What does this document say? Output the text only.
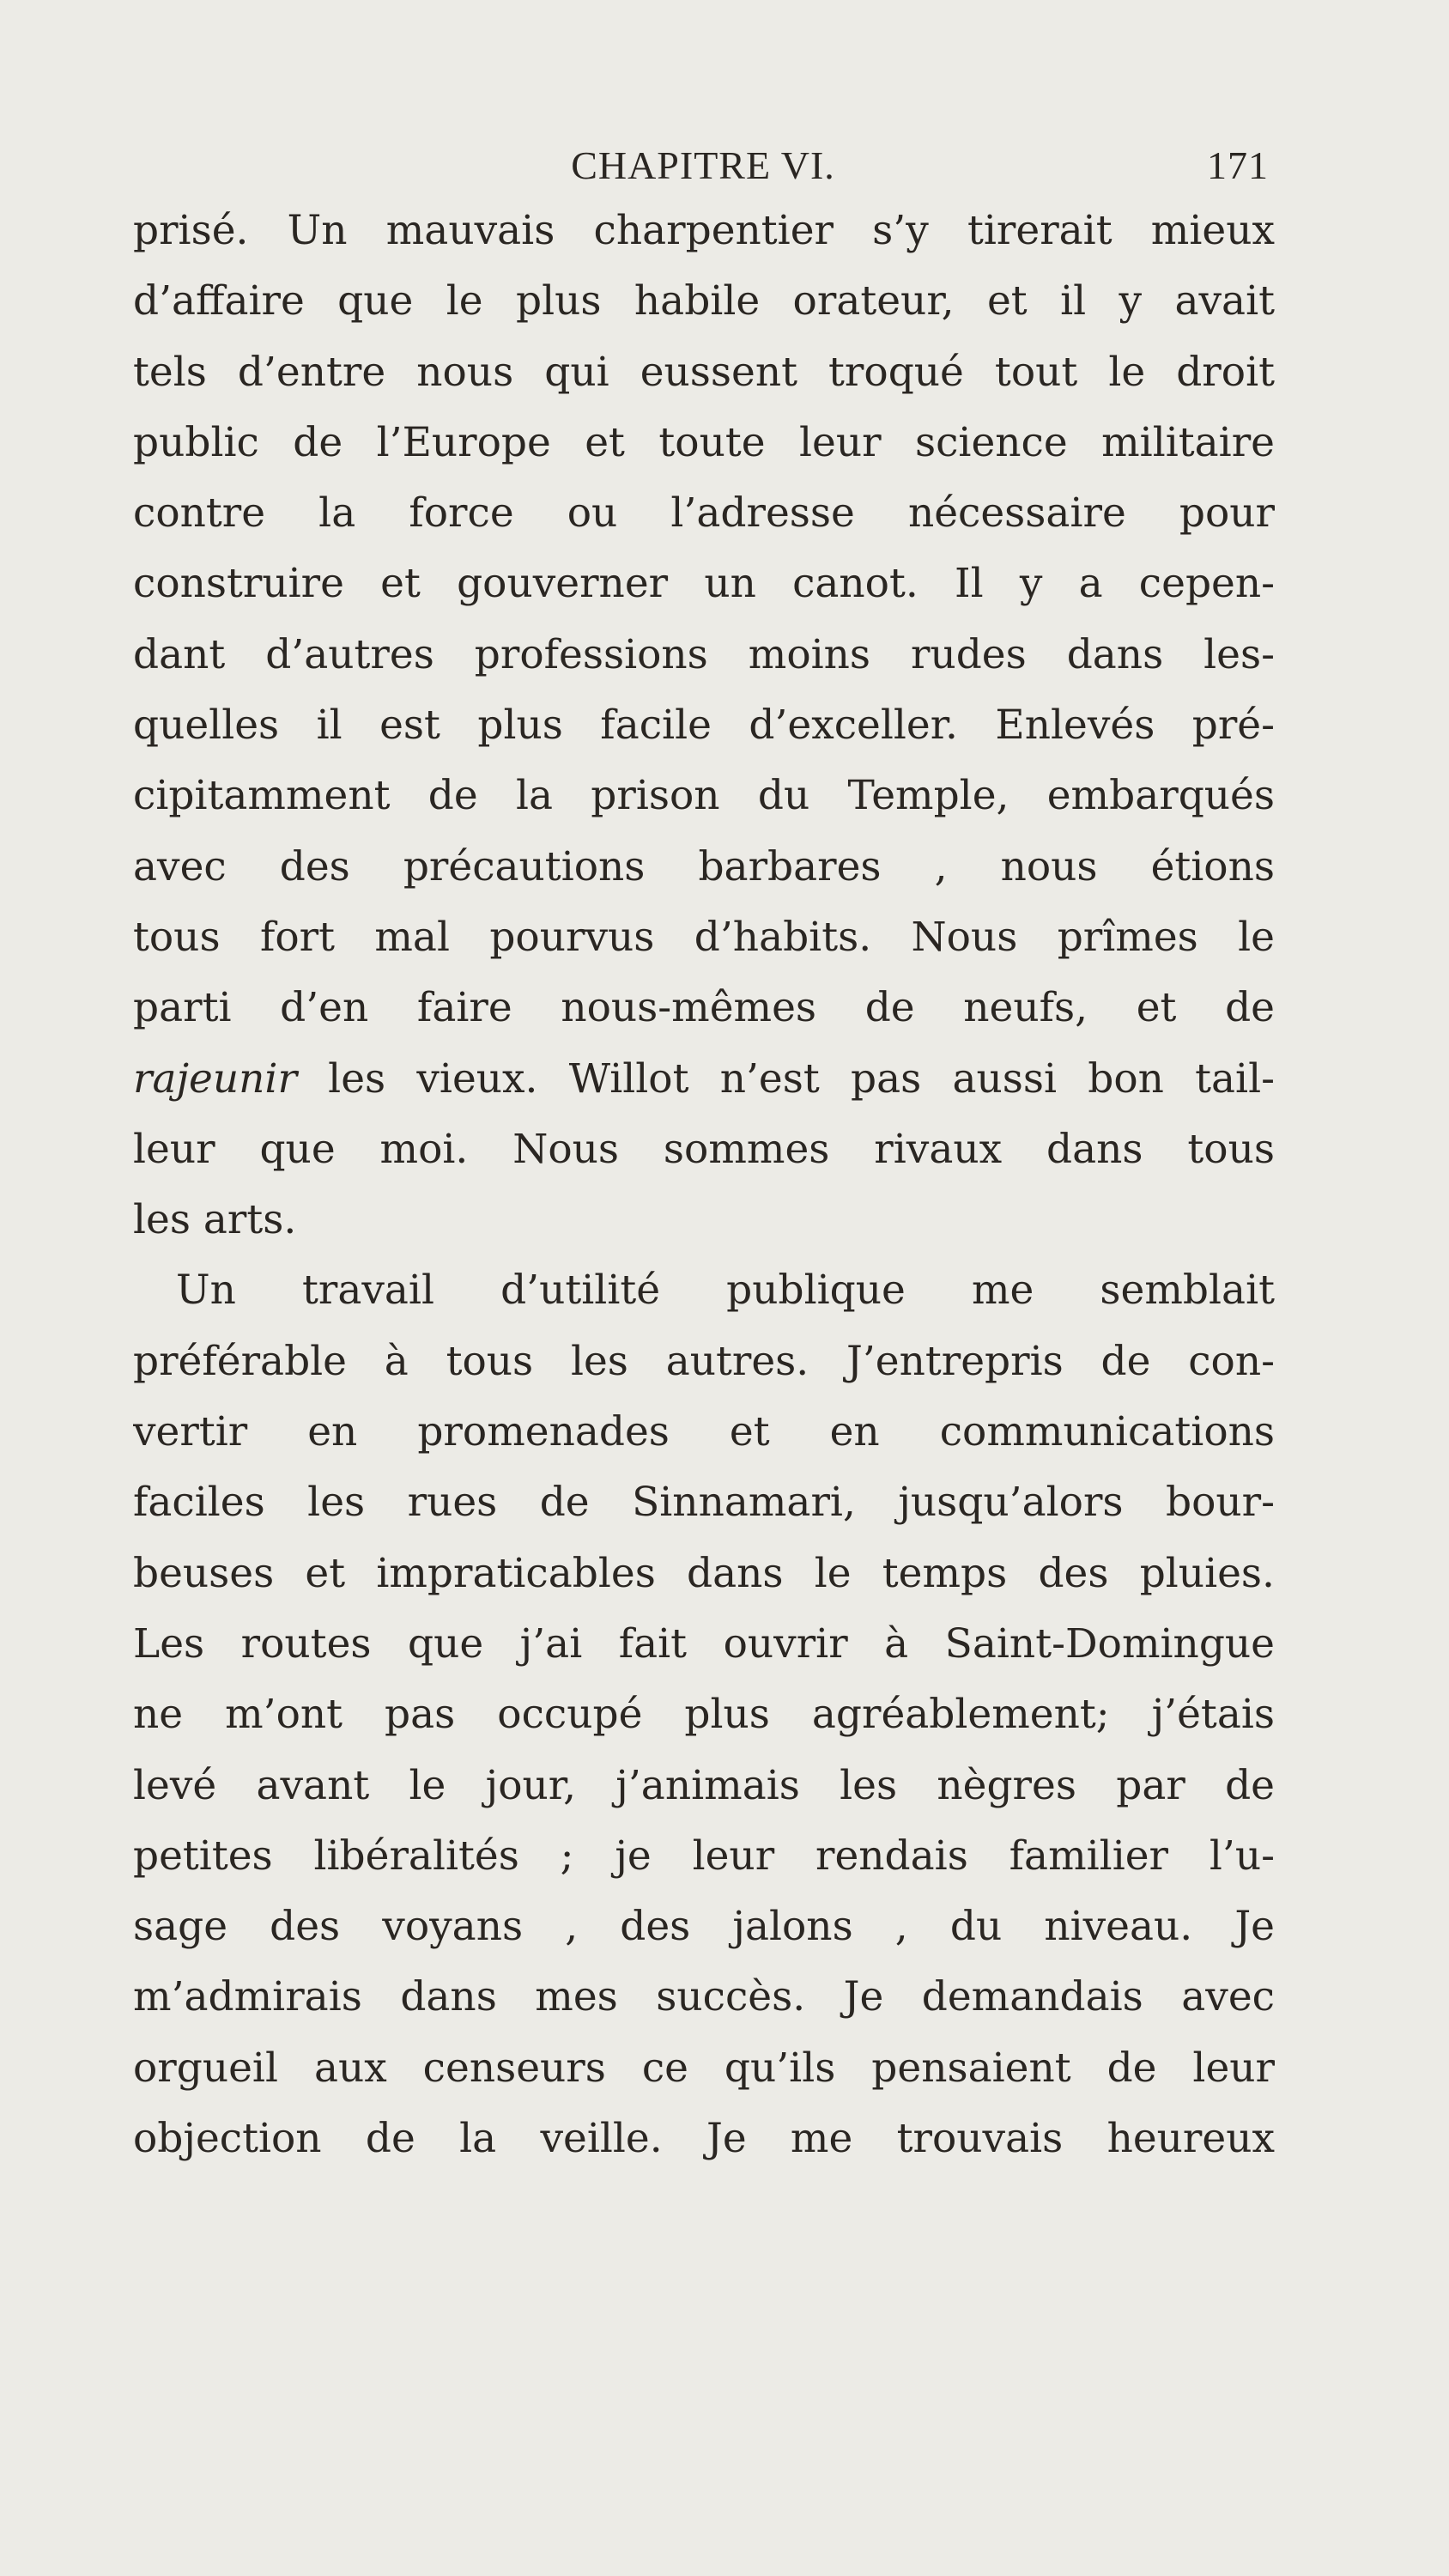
CHAPITRE VI.	171
prisé. Un mauvais charpentier s’y tirerait mieux
d’affaire que le plus habile orateur, et il y avait
tels d’entre nous qui eussent troqué tout le droit
public de l’Europe et toute leur science militaire
contre la force ou l’adresse nécessaire pour
construire et gouverner un canot. Il y a cepen-
dant d’autres professions moins rudes dans les-
quelles il est plus facile d’exceller. Enlevés pré-
cipitamment de la prison du Temple, embarqués
avec des précautions barbares , nous étions
tous fort mal pourvus d’habits. Nous prîmes le
parti d’en faire nous-mêmes de neufs, et de
rajeunir les vieux. Willot n’est pas aussi bon tail-
leur que moi. Nous sommes rivaux dans tous
les arts.
Un travail d’utilité publique me semblait
préférable à tous les autres. J’entrepris de con-
vertir en promenades et en communications
faciles les rues de Sinnamari, jusqu’alors bour-
beuses et impraticables dans le temps des pluies.
Les routes que j’ai fait ouvrir à Saint-Domingue
ne m’ont pas occupé plus agréablement; j’étais
levé avant le jour, j’animais les nègres par de
petites libéralités ; je leur rendais familier l’u-
sage des voyans , des jalons , du niveau. Je
m’admirais dans mes succès. Je demandais avec
orgueil aux censeurs ce qu’ils pensaient de leur
objection de la veille. Je me trouvais heureux
